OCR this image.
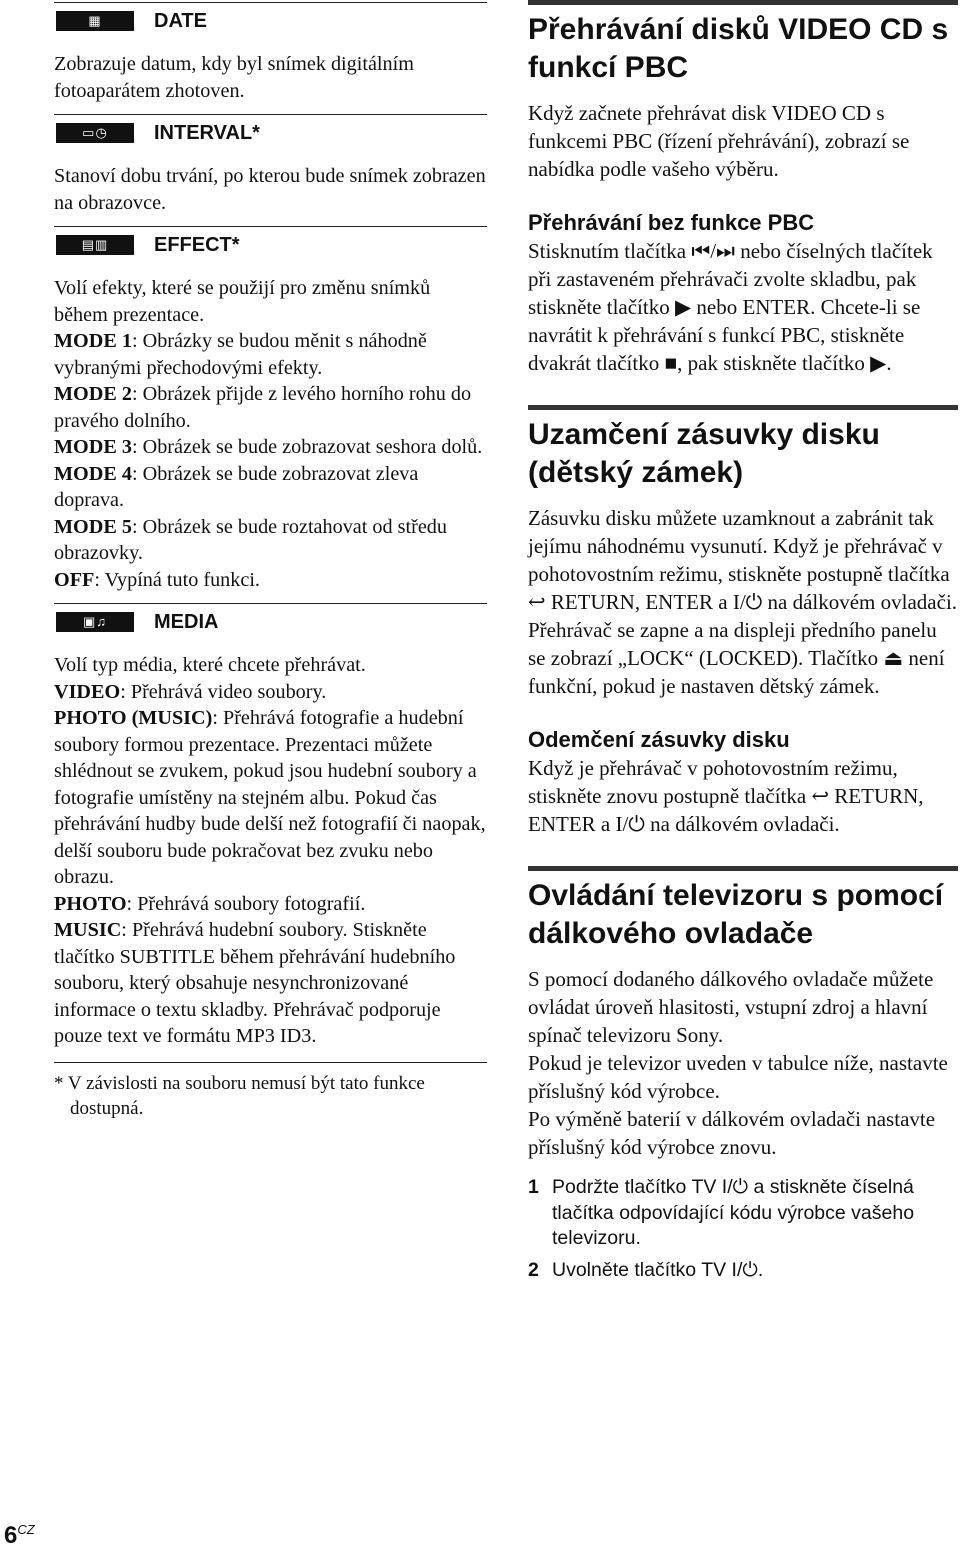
▦	DATE

Zobrazuje datum, kdy byl snímek digitálním fotoaparátem zhotoven.

▭◷	INTERVAL*

Stanoví dobu trvání, po kterou bude snímek zobrazen na obrazovce.

▤▥	EFFECT*

Volí efekty, které se použijí pro změnu snímků během prezentace.

MODE 1: Obrázky se budou měnit s náhodně vybranými přechodovými efekty.

MODE 2: Obrázek přijde z levého horního rohu do pravého dolního.

MODE 3: Obrázek se bude zobrazovat seshora dolů.

MODE 4: Obrázek se bude zobrazovat zleva doprava.

MODE 5: Obrázek se bude roztahovat od středu obrazovky.

OFF: Vypíná tuto funkci.

▣♫	MEDIA

Volí typ média, které chcete přehrávat.

VIDEO: Přehrává video soubory.

PHOTO (MUSIC): Přehrává fotografie a hudební soubory formou prezentace. Prezentaci můžete shlédnout se zvukem, pokud jsou hudební soubory a fotografie umístěny na stejném albu. Pokud čas přehrávání hudby bude delší než fotografií či naopak, delší souboru bude pokračovat bez zvuku nebo obrazu.

PHOTO: Přehrává soubory fotografií.

MUSIC: Přehrává hudební soubory. Stiskněte tlačítko SUBTITLE během přehrávání hudebního souboru, který obsahuje nesynchronizované informace o textu skladby. Přehrávač podporuje pouze text ve formátu MP3 ID3.

* V závislosti na souboru nemusí být tato funkce dostupná.
Přehrávání disků VIDEO CD s funkcí PBC

Když začnete přehrávat disk VIDEO CD s funkcemi PBC (řízení přehrávání), zobrazí se nabídka podle vašeho výběru.

Přehrávání bez funkce PBC

Stisknutím tlačítka ⏮/⏭ nebo číselných tlačítek při zastaveném přehrávači zvolte skladbu, pak stiskněte tlačítko ▶ nebo ENTER. Chcete-li se navrátit k přehrávání s funkcí PBC, stiskněte dvakrát tlačítko ■, pak stiskněte tlačítko ▶.

Uzamčení zásuvky disku (dětský zámek)

Zásuvku disku můžete uzamknout a zabránit tak jejímu náhodnému vysunutí. Když je přehrávač v pohotovostním režimu, stiskněte postupně tlačítka ↩ RETURN, ENTER a I/⏻ na dálkovém ovladači.

Přehrávač se zapne a na displeji předního panelu se zobrazí „LOCK“ (LOCKED). Tlačítko ⏏ není funkční, pokud je nastaven dětský zámek.

Odemčení zásuvky disku

Když je přehrávač v pohotovostním režimu, stiskněte znovu postupně tlačítka ↩ RETURN, ENTER a I/⏻ na dálkovém ovladači.

Ovládání televizoru s pomocí dálkového ovladače

S pomocí dodaného dálkového ovladače můžete ovládat úroveň hlasitosti, vstupní zdroj a hlavní spínač televizoru Sony.

Pokud je televizor uveden v tabulce níže, nastavte příslušný kód výrobce.

Po výměně baterií v dálkovém ovladači nastavte příslušný kód výrobce znovu.

1 Podržte tlačítko TV I/⏻ a stiskněte číselná tlačítka odpovídající kódu výrobce vašeho televizoru.
2 Uvolněte tlačítko TV I/⏻.
$6^{CZ}$
